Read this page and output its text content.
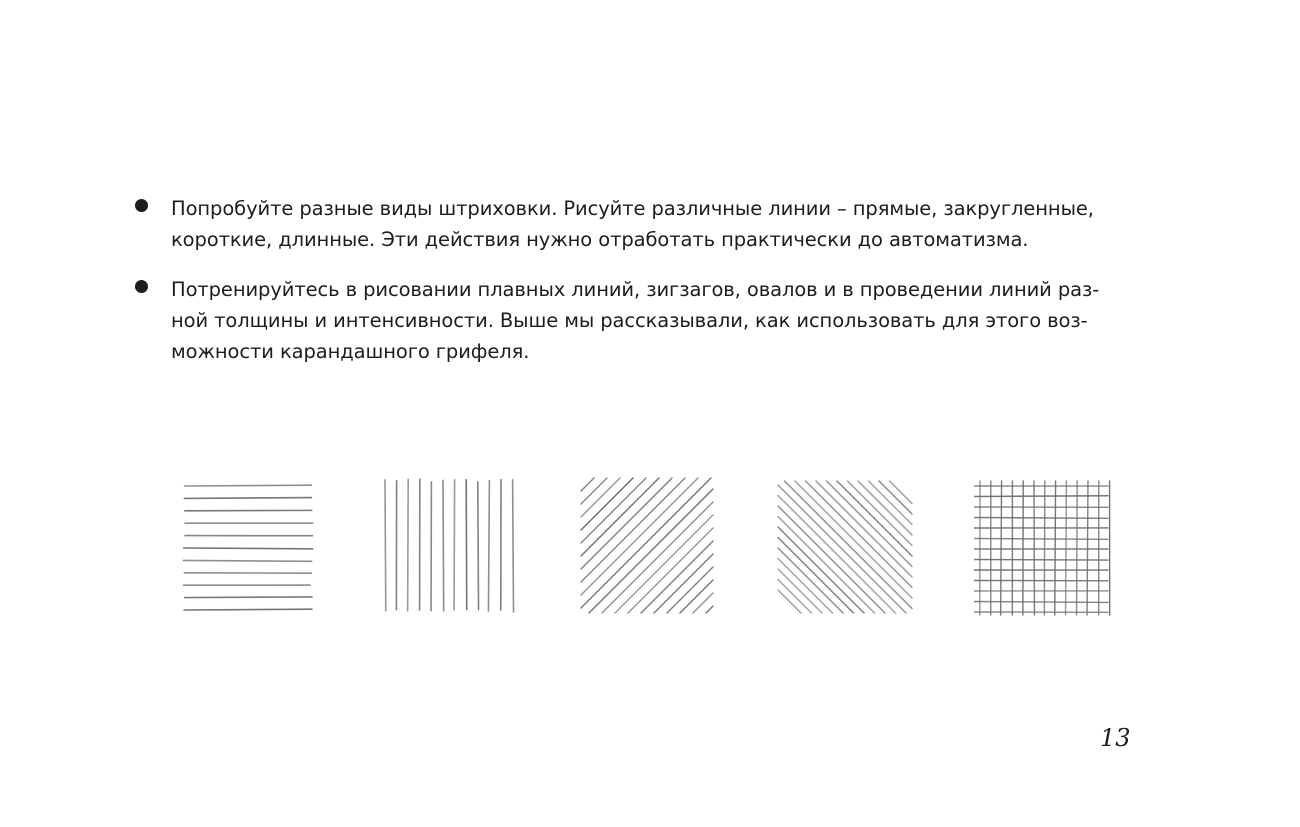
Попробуйте разные виды штриховки. Рисуйте различные линии – прямые, закругленные,
короткие, длинные. Эти действия нужно отработать практически до автоматизма.
Потренируйтесь в рисовании плавных линий, зигзагов, овалов и в проведении линий раз-
ной толщины и интенсивности. Выше мы рассказывали, как использовать для этого воз-
можности карандашного грифеля.
13
